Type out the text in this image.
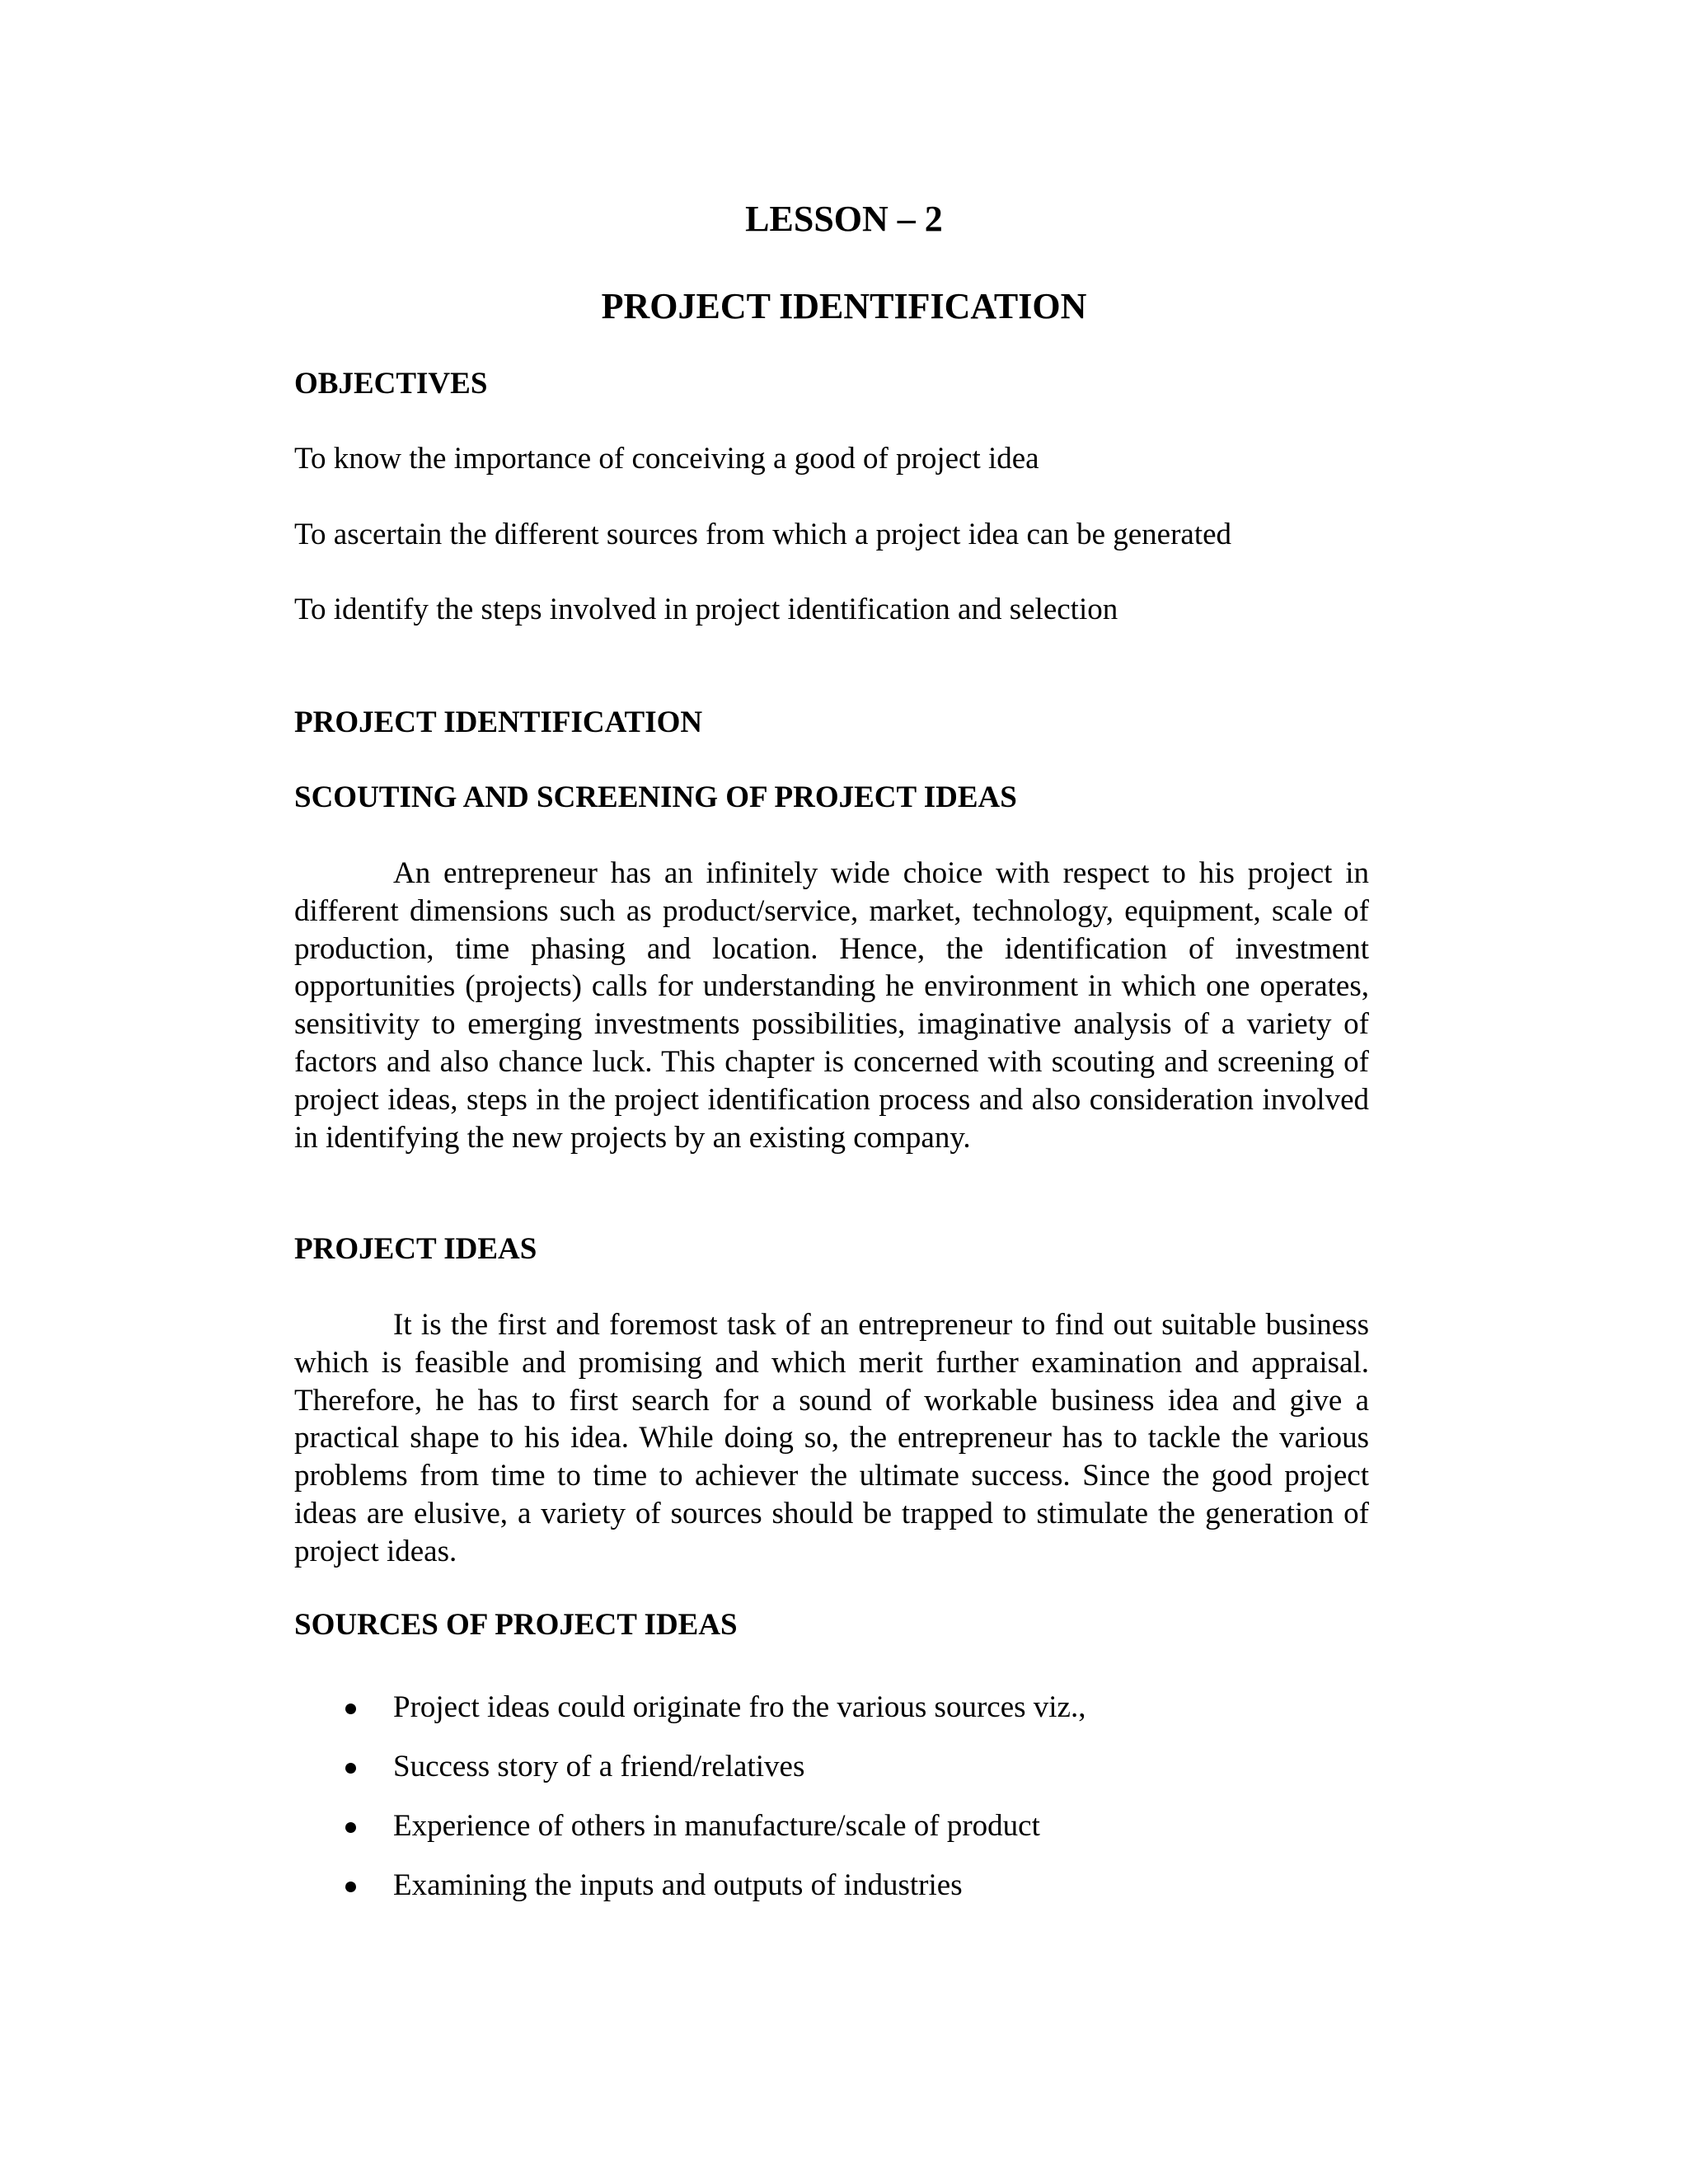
LESSON – 2
PROJECT IDENTIFICATION
OBJECTIVES

To know the importance of conceiving a good of project idea

To ascertain the different sources from which a project idea can be generated

To identify the steps involved in project identification and selection

PROJECT IDENTIFICATION
SCOUTING AND SCREENING OF PROJECT IDEAS

An entrepreneur has an infinitely wide choice with respect to his project in different dimensions such as product/service, market, technology, equipment, scale of production, time phasing and location. Hence, the identification of investment opportunities (projects) calls for understanding he environment in which one operates, sensitivity to emerging investments possibilities, imaginative analysis of a variety of factors and also chance luck. This chapter is concerned with scouting and screening of project ideas, steps in the project identification process and also consideration involved in identifying the new projects by an existing company.

PROJECT IDEAS

It is the first and foremost task of an entrepreneur to find out suitable business which is feasible and promising and which merit further examination and appraisal. Therefore, he has to first search for a sound of workable business idea and give a practical shape to his idea. While doing so, the entrepreneur has to tackle the various problems from time to time to achiever the ultimate success. Since the good project ideas are elusive, a variety of sources should be trapped to stimulate the generation of project ideas.

SOURCES OF PROJECT IDEAS
Project ideas could originate fro the various sources viz.,
Success story of a friend/relatives
Experience of others in manufacture/scale of product
Examining the inputs and outputs of industries
